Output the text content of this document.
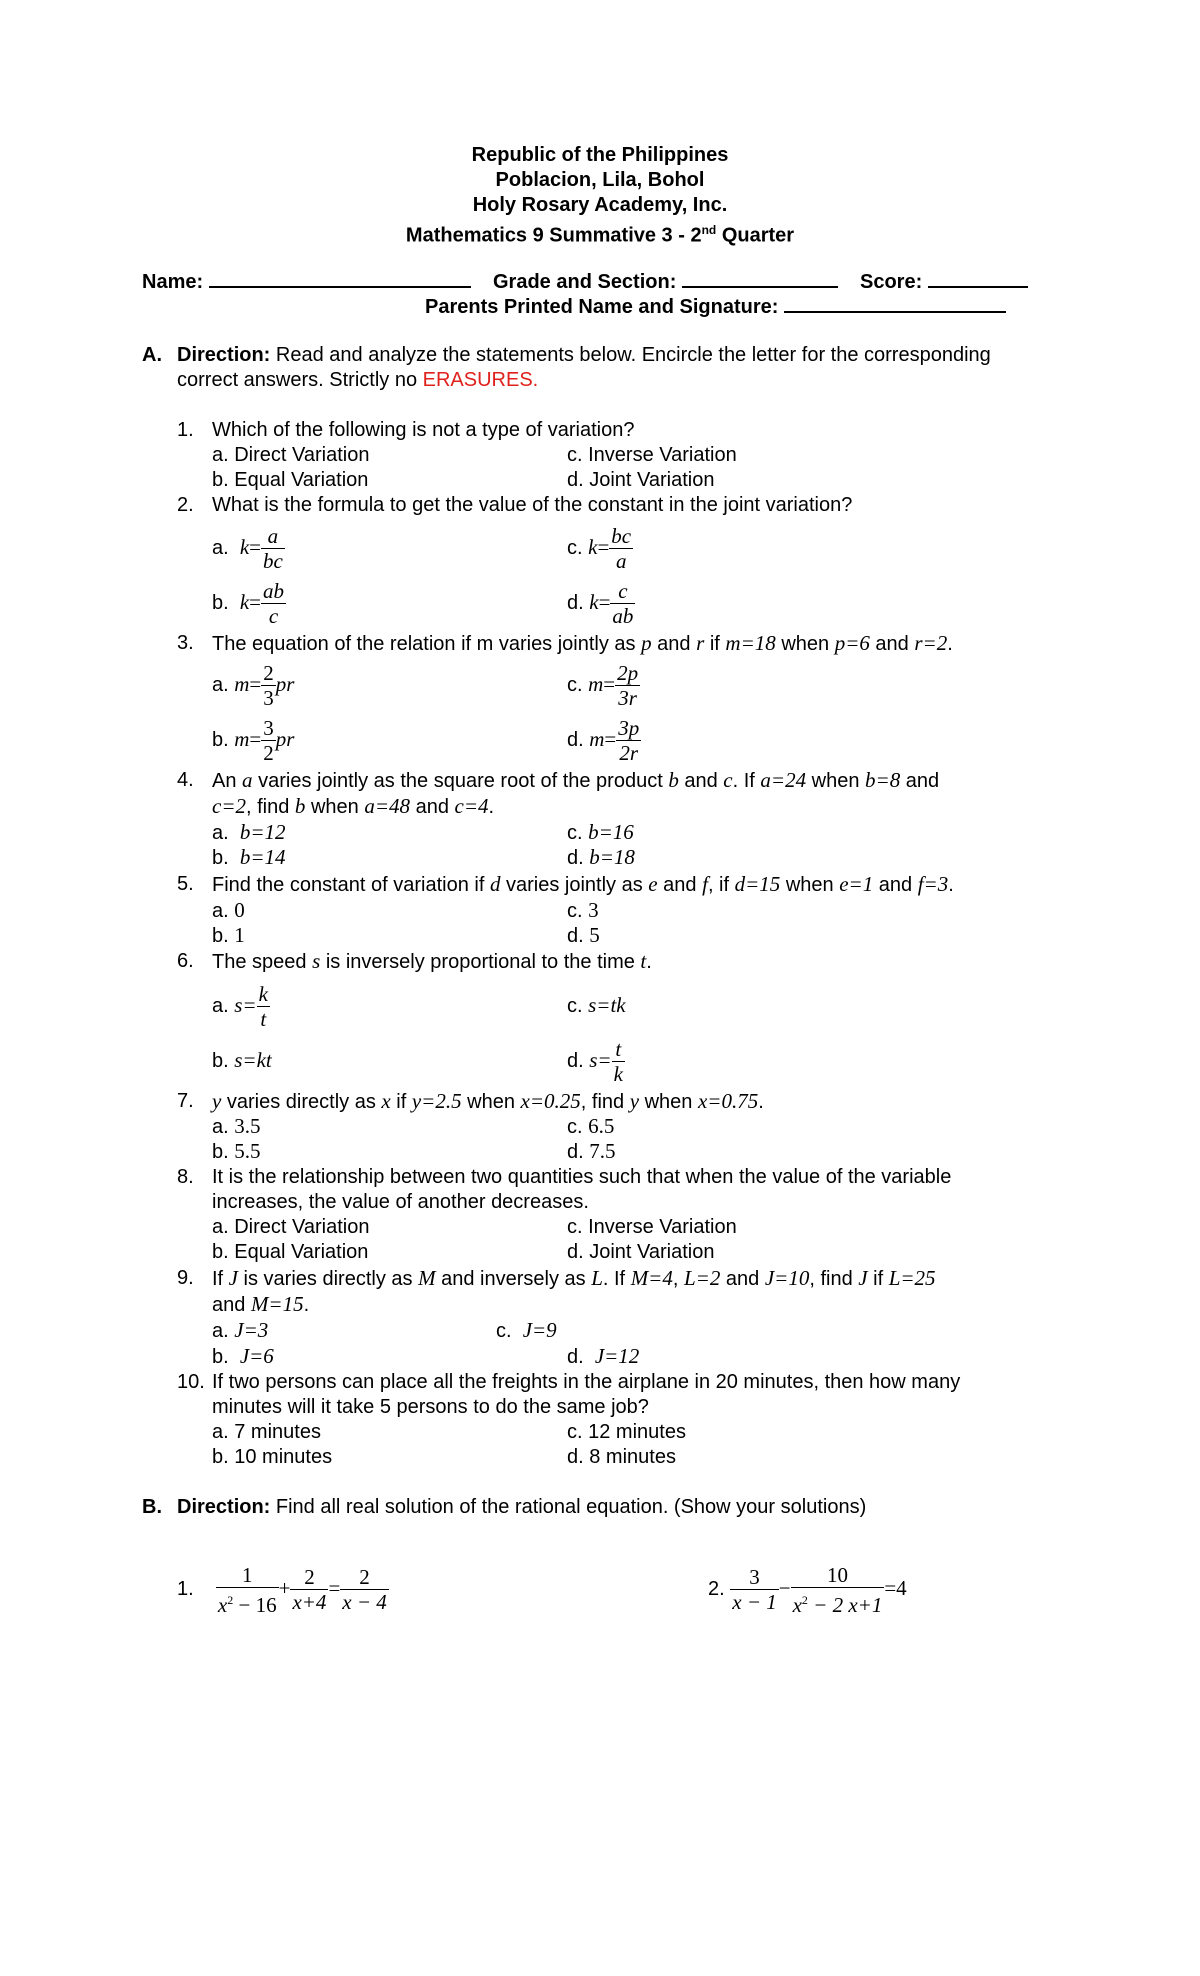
Republic of the Philippines
Poblacion, Lila, Bohol
Holy Rosary Academy, Inc.
Mathematics 9 Summative 3 - 2nd Quarter
Name:	Grade and Section:	Score:
Parents Printed Name and Signature:
A. Direction: Read and analyze the statements below. Encircle the letter for the corresponding
correct answers. Strictly no ERASURES.
1. Which of the following is not a type of variation?
a. Direct Variation	c. Inverse Variation
b. Equal Variation	d. Joint Variation
2. What is the formula to get the value of the constant in the joint variation?
a. $k= \frac{a}{bc}$	c. $k= \frac{bc}{a}$
b. $k= \frac{ab}{c}$	d. $k= \frac{c}{ab}$
3. The equation of the relation if m varies jointly as p and r if m=18 when p=6 and r=2.
a. $m= \frac{2}{3}$ pr	c. $m= \frac{2p}{3r}$
b. $m= \frac{3}{2}$ pr	d. $m= \frac{3p}{2r}$
4. An a varies jointly as the square root of the product b and c. If a=24 when b=8 and
c=2, find b when a=48 and c=4.
a. b=12	c. b=16
b. b=14	d. b=18
5. Find the constant of variation if d varies jointly as e and f, if d=15 when e=1 and f=3.
a. 0	c. 3
b. 1	d. 5
6. The speed s is inversely proportional to the time t.
a. $s= \frac{k}{t}$	c. s=tk
b. s=kt	d. $s= \frac{t}{k}$
7. y varies directly as x if y=2.5 when x=0.25, find y when x=0.75.
a. 3.5	c. 6.5
b. 5.5	d. 7.5
8. It is the relationship between two quantities such that when the value of the variable
increases, the value of another decreases.
a. Direct Variation	c. Inverse Variation
b. Equal Variation	d. Joint Variation
9. If J is varies directly as M and inversely as L. If M=4, L=2 and J=10, find J if L=25
and M=15.
a. J=3	c. J=9
b. J=6	d. J=12
10. If two persons can place all the freights in the airplane in 20 minutes, then how many
minutes will it take 5 persons to do the same job?
a. 7 minutes	c. 12 minutes
b. 10 minutes	d. 8 minutes
B. Direction: Find all real solution of the rational equation. (Show your solutions)
1. $\frac{1}{x^2 - 16} + \frac{2}{x+4} = \frac{2}{x - 4}$	2. $\frac{3}{x - 1} - \frac{10}{x^2 - 2 x+1} =4$
